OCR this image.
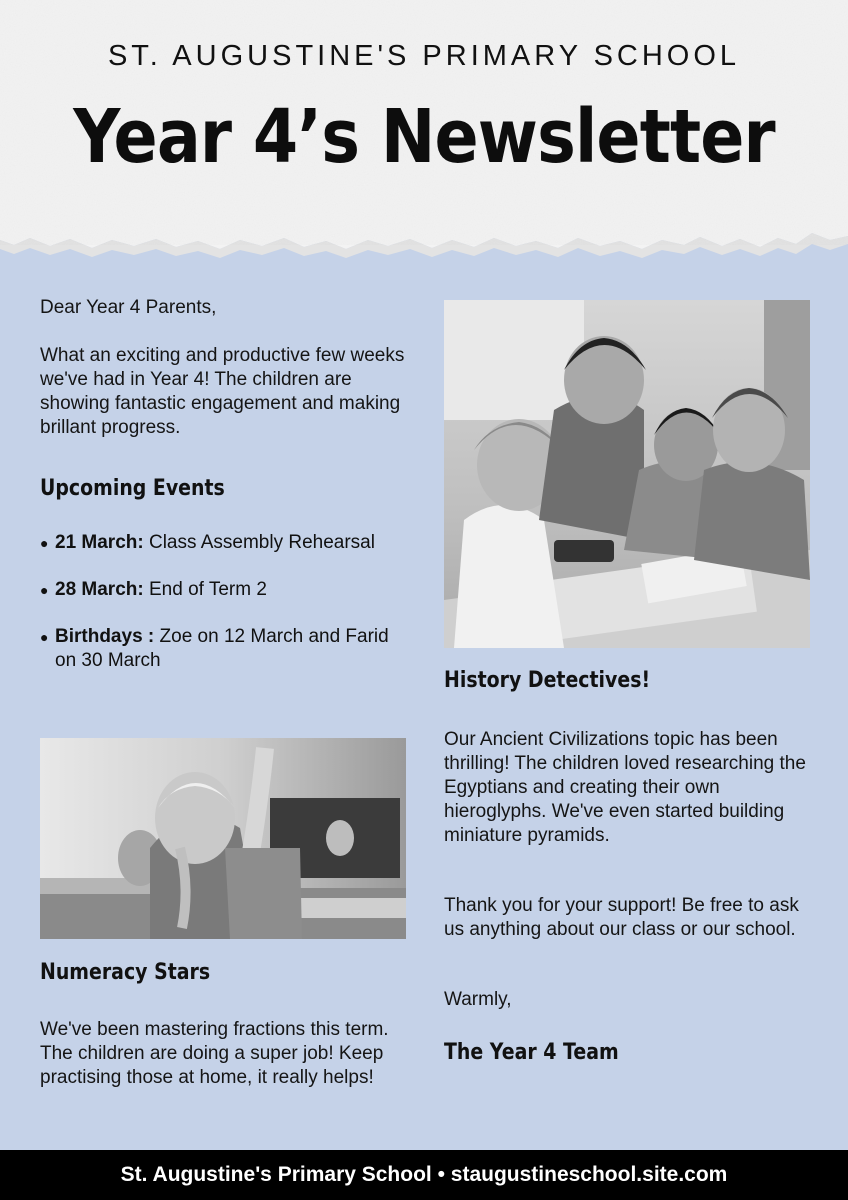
ST. AUGUSTINE'S PRIMARY SCHOOL
Year 4’s Newsletter

Dear Year 4 Parents,

What an exciting and productive few weeks we've had in Year 4! The children are showing fantastic engagement and making brillant progress.

Upcoming Events
● 21 March: Class Assembly Rehearsal
● 28 March: End of Term 2
● Birthdays : Zoe on 12 March and Farid on 30 March
Numeracy Stars

We've been mastering fractions this term. The children are doing a super job! Keep practising those at home, it really helps!

History Detectives!

Our Ancient Civilizations topic has been thrilling! The children loved researching the Egyptians and creating their own hieroglyphs. We've even started building miniature pyramids.

Thank you for your support! Be free to ask us anything about our class or our school.

Warmly,

The Year 4 Team
St. Augustine's Primary School • staugustineschool.site.com
